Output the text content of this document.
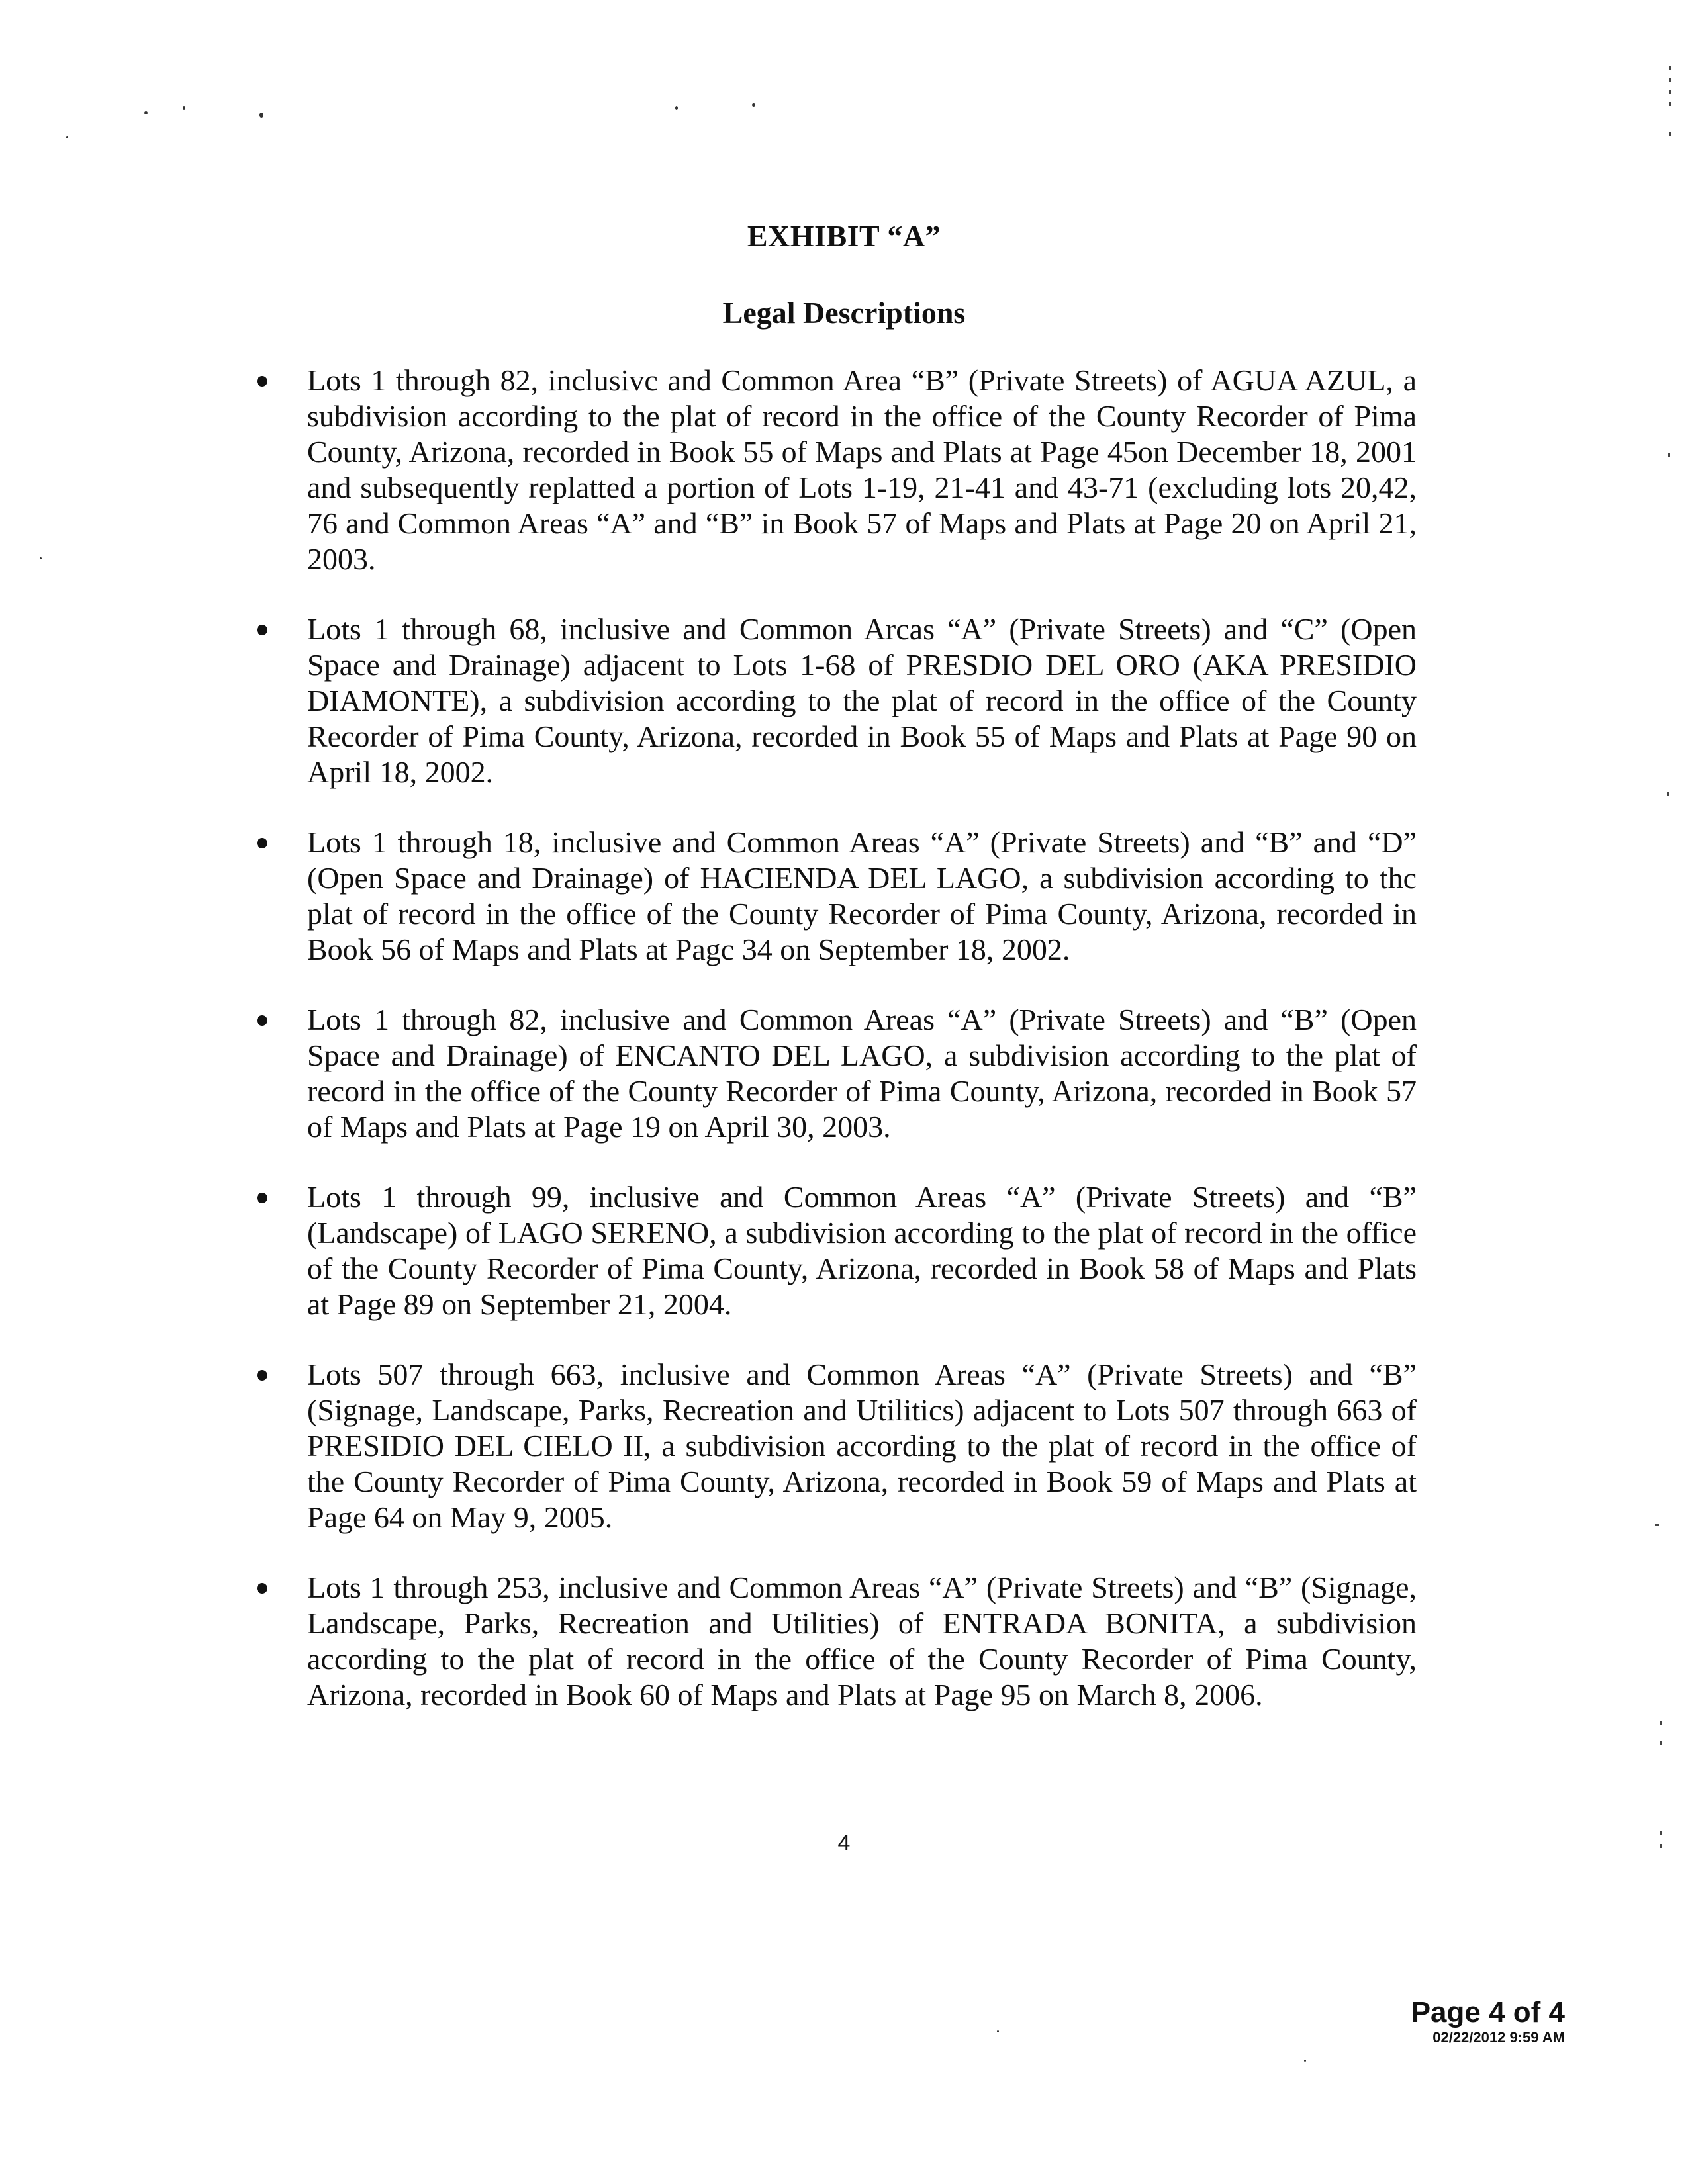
EXHIBIT “A”
Legal Descriptions
Lots 1 through 82, inclusivc and Common Area “B” (Private Streets) of AGUA AZUL, a subdivision according to the plat of record in the office of the County Recorder of Pima County, Arizona, recorded in Book 55 of Maps and Plats at Page 45on December 18, 2001 and subsequently replatted a portion of Lots 1-19, 21-41 and 43-71 (excluding lots 20,42, 76 and Common Areas “A” and “B” in Book 57 of Maps and Plats at Page 20 on April 21, 2003.
Lots 1 through 68, inclusive and Common Arcas “A” (Private Streets) and “C” (Open Space and Drainage) adjacent to Lots 1-68 of PRESDIO DEL ORO (AKA PRESIDIO DIAMONTE), a subdivision according to the plat of record in the office of the County Recorder of Pima County, Arizona, recorded in Book 55 of Maps and Plats at Page 90 on April 18, 2002.
Lots 1 through 18, inclusive and Common Areas “A” (Private Streets) and “B” and “D” (Open Space and Drainage) of HACIENDA DEL LAGO, a subdivision according to thc plat of record in the office of the County Recorder of Pima County, Arizona, recorded in Book 56 of Maps and Plats at Pagc 34 on September 18, 2002.
Lots 1 through 82, inclusive and Common Areas “A” (Private Streets) and “B” (Open Space and Drainage) of ENCANTO DEL LAGO, a subdivision according to the plat of record in the office of the County Recorder of Pima County, Arizona, recorded in Book 57 of Maps and Plats at Page 19 on April 30, 2003.
Lots 1 through 99, inclusive and Common Areas “A” (Private Streets) and “B” (Landscape) of LAGO SERENO, a subdivision according to the plat of record in the office of the County Recorder of Pima County, Arizona, recorded in Book 58 of Maps and Plats at Page 89 on September 21, 2004.
Lots 507 through 663, inclusive and Common Areas “A” (Private Streets) and “B” (Signage, Landscape, Parks, Recreation and Utilitics) adjacent to Lots 507 through 663 of PRESIDIO DEL CIELO II, a subdivision according to the plat of record in the office of the County Recorder of Pima County, Arizona, recorded in Book 59 of Maps and Plats at Page 64 on May 9, 2005.
Lots 1 through 253, inclusive and Common Areas “A” (Private Streets) and “B” (Signage, Landscape, Parks, Recreation and Utilities) of ENTRADA BONITA, a subdivision according to the plat of record in the office of the County Recorder of Pima County, Arizona, recorded in Book 60 of Maps and Plats at Page 95 on March 8, 2006.
4
Page 4 of 4
02/22/2012 9:59 AM
